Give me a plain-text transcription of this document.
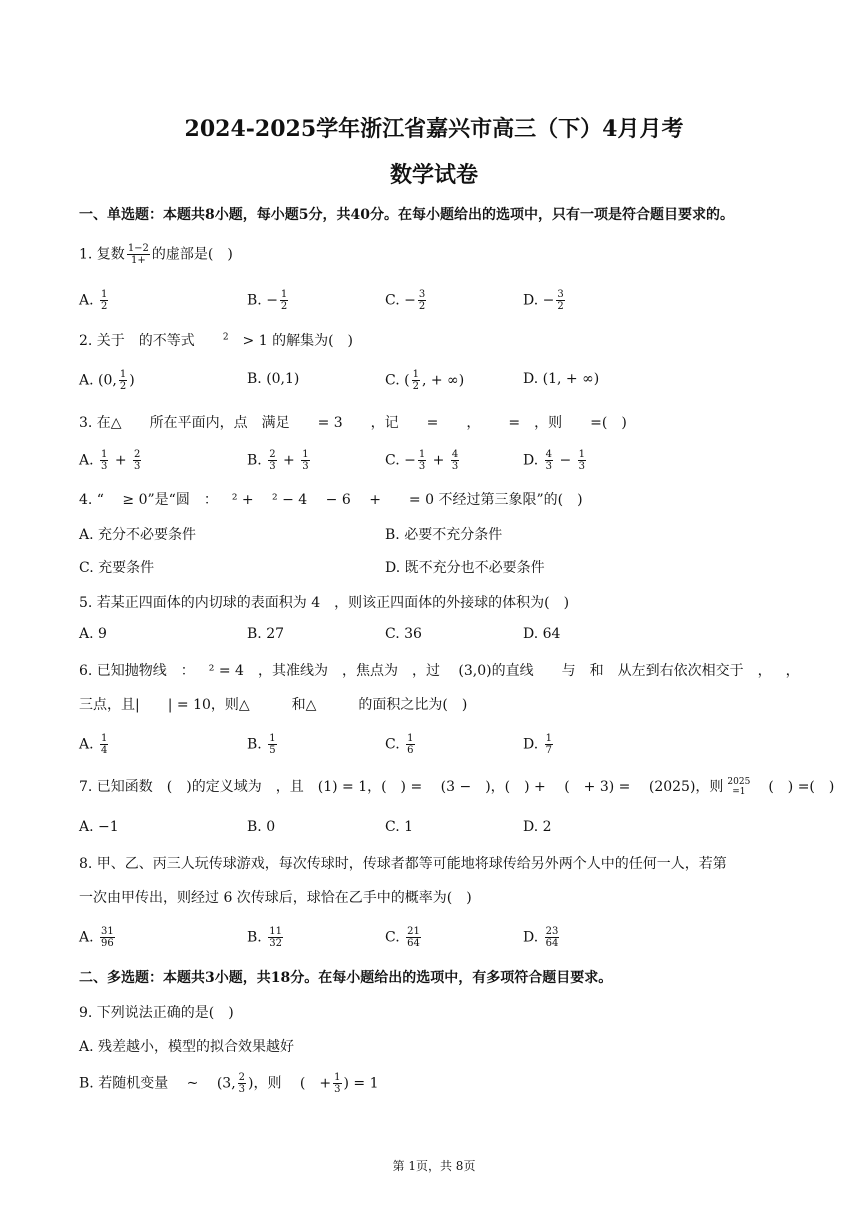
2024-2025学年浙江省嘉兴市高三（下）4月月考
数学试卷
一、单选题：本题共8小题，每小题5分，共40分。在每小题给出的选项中，只有一项是符合题目要求的。
1. 复数 $\frac{1-2}{1+}$ 的虚部是( )
A. $\frac{1}{2}$	B. − $\frac{1}{2}$	C. − $\frac{3}{2}$	D. − $\frac{3}{2}$
2. 关于 的不等式  $^2$ > 1 的解集为( )
A. (0, $\frac{1}{2}$ )	B. (0,1)	C. ( $\frac{1}{2}$ , + ∞)	D. (1, + ∞)
3. 在△  所在平面内，点 满足  = 3  ，记  =  ，  = ，则  =( )
A. $\frac{1}{3} + \frac{2}{3}$	B. $\frac{2}{3} + \frac{1}{3}$	C. − $\frac{1}{3} + \frac{4}{3}$	D. $\frac{4}{3} - \frac{1}{3}$
4. “  ≥ 0”是“圆 ： ² +  ² − 4  − 6  +  = 0 不经过第三象限”的( )
A. 充分不必要条件	B. 必要不充分条件
C. 充要条件	D. 既不充分也不必要条件
5. 若某正四面体的内切球的表面积为 4 ，则该正四面体的外接球的体积为( )
A. 9	B. 27	C. 36	D. 64
6. 已知抛物线 ： ² = 4 ，其准线为 ，焦点为 ，过  (3,0)的直线  与 和 从左到右依次相交于 ， ，
三点，且|  | = 10，则△   和△   的面积之比为( )
A. $\frac{1}{4}$	B. $\frac{1}{5}$	C. $\frac{1}{6}$	D. $\frac{1}{7}$
7. 已知函数 ( )的定义域为 ，且 (1) = 1，( ) =  (3 − )，( ) +  ( + 3) =  (2025)，则 2025
=1  ( ) =( )
A. −1	B. 0	C. 1	D. 2
8. 甲、乙、丙三人玩传球游戏，每次传球时，传球者都等可能地将球传给另外两个人中的任何一人，若第
一次由甲传出，则经过 6 次传球后，球恰在乙手中的概率为( )
A. $\frac{31}{96}$	B. $\frac{11}{32}$	C. $\frac{21}{64}$	D. $\frac{23}{64}$
二、多选题：本题共3小题，共18分。在每小题给出的选项中，有多项符合题目要求。
9. 下列说法正确的是( )
A. 残差越小，模型的拟合效果越好
B. 若随机变量  ~  (3, $\frac{2}{3}$ )，则  ( + $\frac{1}{3}$ ) = 1
第 1页，共 8页
